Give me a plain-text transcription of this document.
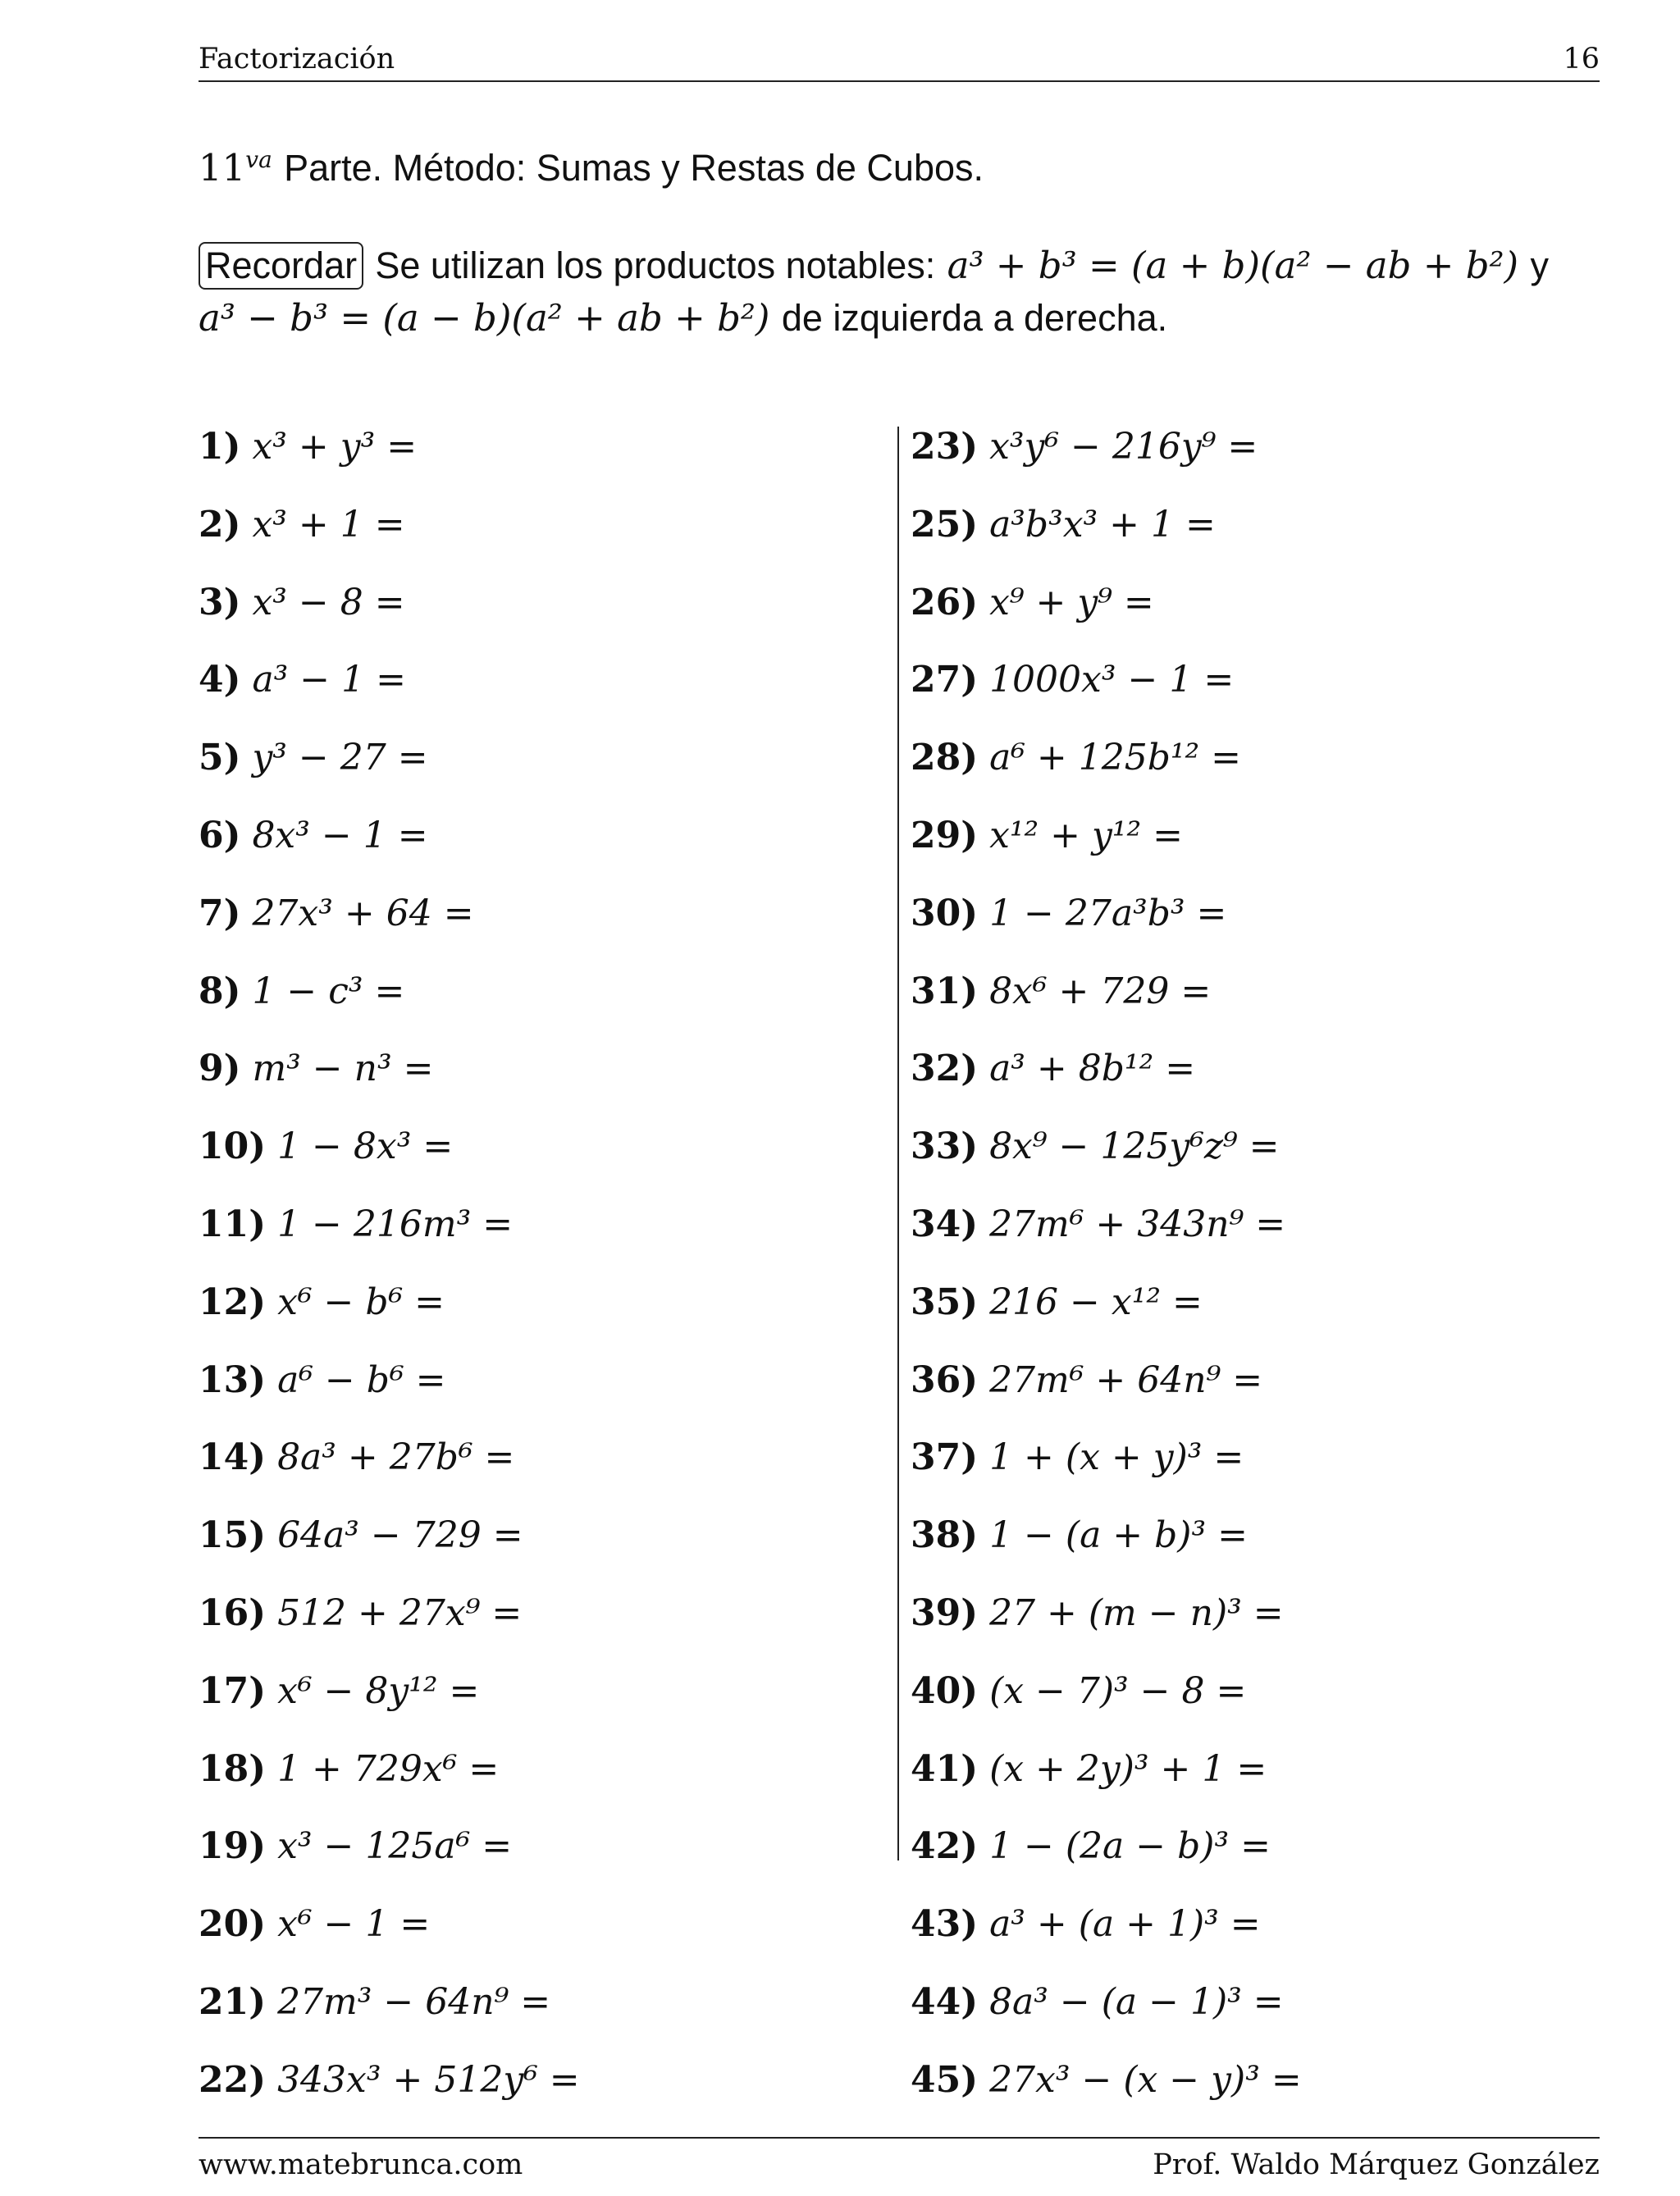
Factorización	16
$11^{va}$ Parte. Método: Sumas y Restas de Cubos.
Recordar Se utilizan los productos notables: a³ + b³ = (a + b)(a² − ab + b²) y
a³ − b³ = (a − b)(a² + ab + b²) de izquierda a derecha.
1) x³ + y³ =
2) x³ + 1 =
3) x³ − 8 =
4) a³ − 1 =
5) y³ − 27 =
6) 8x³ − 1 =
7) 27x³ + 64 =
8) 1 − c³ =
9) m³ − n³ =
10) 1 − 8x³ =
11) 1 − 216m³ =
12) x⁶ − b⁶ =
13) a⁶ − b⁶ =
14) 8a³ + 27b⁶ =
15) 64a³ − 729 =
16) 512 + 27x⁹ =
17) x⁶ − 8y¹² =
18) 1 + 729x⁶ =
19) x³ − 125a⁶ =
20) x⁶ − 1 =
21) 27m³ − 64n⁹ =
22) 343x³ + 512y⁶ =
23) x³y⁶ − 216y⁹ =
25) a³b³x³ + 1 =
26) x⁹ + y⁹ =
27) 1000x³ − 1 =
28) a⁶ + 125b¹² =
29) x¹² + y¹² =
30) 1 − 27a³b³ =
31) 8x⁶ + 729 =
32) a³ + 8b¹² =
33) 8x⁹ − 125y⁶z⁹ =
34) 27m⁶ + 343n⁹ =
35) 216 − x¹² =
36) 27m⁶ + 64n⁹ =
37) 1 + (x + y)³ =
38) 1 − (a + b)³ =
39) 27 + (m − n)³ =
40) (x − 7)³ − 8 =
41) (x + 2y)³ + 1 =
42) 1 − (2a − b)³ =
43) a³ + (a + 1)³ =
44) 8a³ − (a − 1)³ =
45) 27x³ − (x − y)³ =
www.matebrunca.com	Prof. Waldo Márquez González
